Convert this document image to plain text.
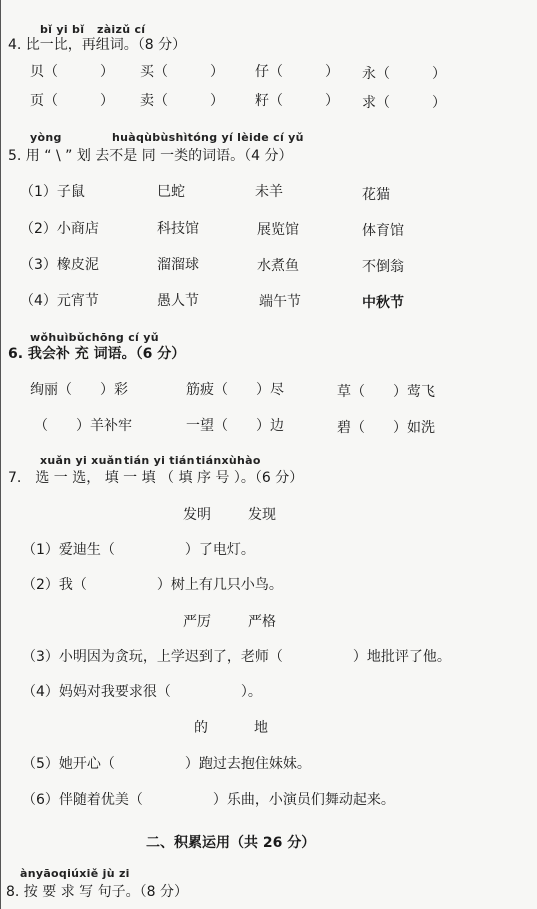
bǐ yi bǐ zàizǔ cí
4. 比一比，再组词。（8 分）
贝（　　　） 买（　　　） 仔（　　　） 永（　　　）
页（　　　） 卖（　　　） 籽（　　　） 求（　　　）
yòng	huàqùbùshìtóng yí lèide cí yǔ
5. 用 “ \ ” 划 去不是 同 一类的词语。（4 分）
（1）子鼠	巳蛇	未羊	花猫
（2）小商店	科技馆	展览馆	体育馆
（3）橡皮泥	溜溜球	水煮鱼	不倒翁
（4）元宵节	愚人节	端午节	中秋节
wǒhuìbǔchōng cí yǔ
6. 我会补 充 词语。（6 分）
绚丽（　　）彩	筋疲（　　）尽	草（　　）莺飞
（　　）羊补牢	一望（　　）边	碧（　　）如洗
xuǎn yi xuǎn tián yi tián tiánxùhào
7.　选 一 选， 填 一 填 （ 填 序 号 ）。（6 分）
发明	发现
（1）爱迪生（　　　　　）了电灯。
（2）我（　　　　　）树上有几只小鸟。
严厉	严格
（3）小明因为贪玩，上学迟到了，老师（　　　　　）地批评了他。
（4）妈妈对我要求很（　　　　　）。
的	地
（5）她开心（　　　　　）跑过去抱住妹妹。
（6）伴随着优美（　　　　　）乐曲，小演员们舞动起来。
二、积累运用（共 26 分）
ànyāoqiúxiě jù zi
8. 按 要 求 写 句子。（8 分）
